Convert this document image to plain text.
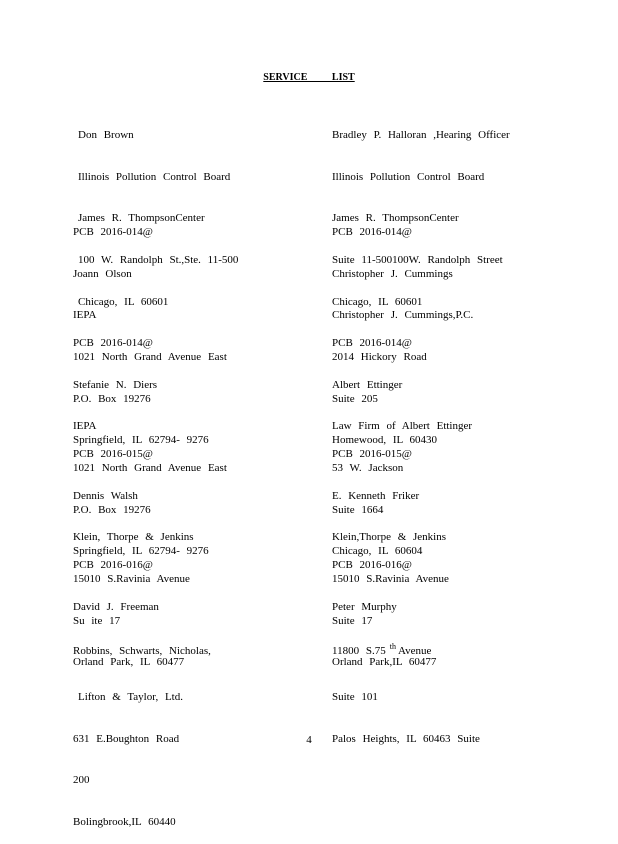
SERVICE LIST

Don Brown

Illinois Pollution Control Board

James R. ThompsonCenter

100 W. Randolph St.,Ste. 11-500

Chicago, IL 60601

PCB 2016-014@

Joann Olson

IEPA

1021 North Grand Avenue East

P.O. Box 19276

Springfield, IL 62794- 9276

PCB 2016-014@

Stefanie N. Diers

IEPA

1021 North Grand Avenue East

P.O. Box 19276

Springfield, IL 62794- 9276

PCB 2016-015@

Dennis Walsh

Klein, Thorpe & Jenkins

15010 S.Ravinia Avenue

Su ite 17

Orland Park, IL 60477

PCB 2016-016@

David J. Freeman

Robbins, Schwarts, Nicholas,

Lifton & Taylor, Ltd.

631 E.Boughton Road

200

Bolingbrook,IL 60440

Bradley P. Halloran ,Hearing Officer

Illinois Pollution Control Board

James R. ThompsonCenter

Suite 11-500100W. Randolph Street

Chicago, IL 60601

PCB 2016-014@

Christopher J. Cummings

Christopher J. Cummings,P.C.

2014 Hickory Road

Suite 205

Homewood, IL 60430

PCB 2016-014@

Albert Ettinger

Law Firm of Albert Ettinger

53 W. Jackson

Suite 1664

Chicago, IL 60604

PCB 2016-015@

E. Kenneth Friker

Klein,Thorpe & Jenkins

15010 S.Ravinia Avenue

Suite 17

Orland Park,IL 60477

PCB 2016-016@

Peter Murphy

11800 S.75 $^{th}$ Avenue

Suite 101

Palos Heights, IL 60463 Suite

4
